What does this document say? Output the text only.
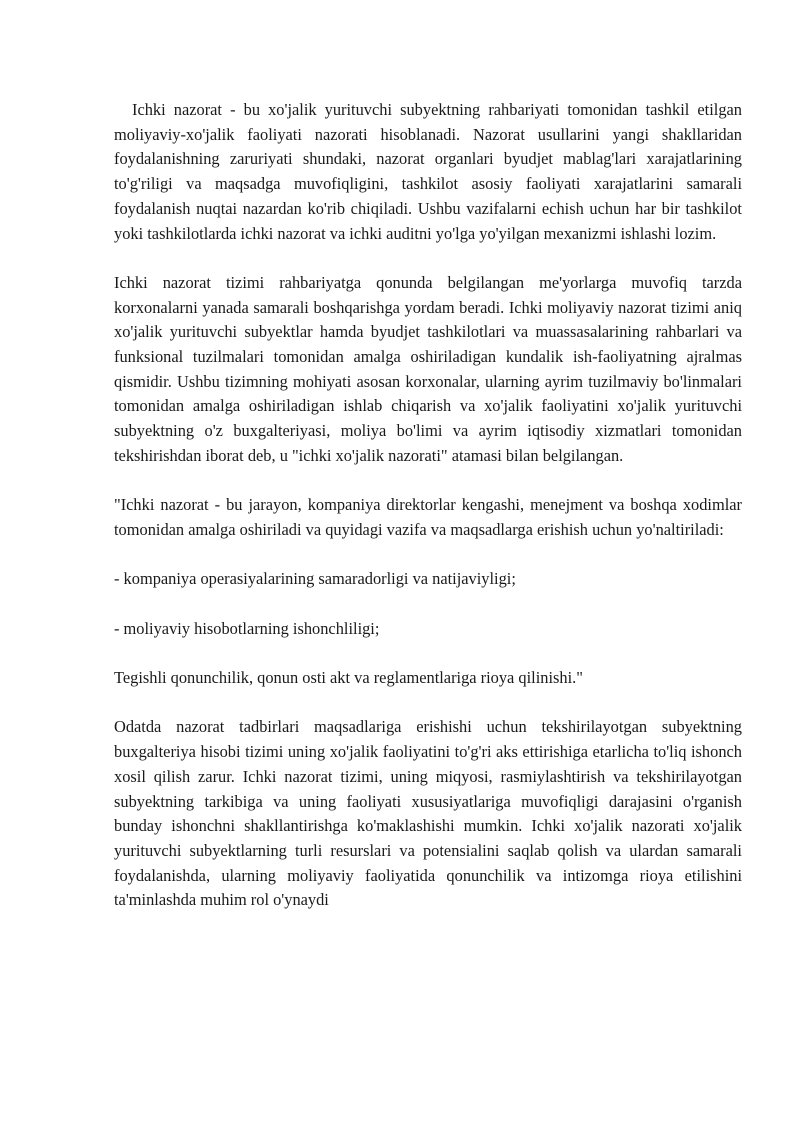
Ichki nazorat - bu xo'jalik yurituvchi subyektning rahbariyati tomonidan tashkil etilgan moliyaviy-xo'jalik faoliyati nazorati hisoblanadi. Nazorat usullarini yangi shakllaridan foydalanishning zaruriyati shundaki, nazorat organlari byudjet mablag'lari xarajatlarining to'g'riligi va maqsadga muvofiqligini, tashkilot asosiy faoliyati xarajatlarini samarali foydalanish nuqtai nazardan ko'rib chiqiladi. Ushbu vazifalarni echish uchun har bir tashkilot yoki tashkilotlarda ichki nazorat va ichki auditni yo'lga yo'yilgan mexanizmi ishlashi lozim.

Ichki nazorat tizimi rahbariyatga qonunda belgilangan me'yorlarga muvofiq tarzda korxonalarni yanada samarali boshqarishga yordam beradi. Ichki moliyaviy nazorat tizimi aniq xo'jalik yurituvchi subyektlar hamda byudjet tashkilotlari va muassasalarining rahbarlari va funksional tuzilmalari tomonidan amalga oshiriladigan kundalik ish-faoliyatning ajralmas qismidir. Ushbu tizimning mohiyati asosan korxonalar, ularning ayrim tuzilmaviy bo'linmalari tomonidan amalga oshiriladigan ishlab chiqarish va xo'jalik faoliyatini xo'jalik yurituvchi subyektning o'z buxgalteriyasi, moliya bo'limi va ayrim iqtisodiy xizmatlari tomonidan tekshirishdan iborat deb, u "ichki xo'jalik nazorati" atamasi bilan belgilangan.

"Ichki nazorat - bu jarayon, kompaniya direktorlar kengashi, menejment va boshqa xodimlar tomonidan amalga oshiriladi va quyidagi vazifa va maqsadlarga erishish uchun yo'naltiriladi:

- kompaniya operasiyalarining samaradorligi va natijaviyligi;

- moliyaviy hisobotlarning ishonchliligi;

Tegishli qonunchilik, qonun osti akt va reglamentlariga rioya qilinishi."

Odatda nazorat tadbirlari maqsadlariga erishishi uchun tekshirilayotgan subyektning buxgalteriya hisobi tizimi uning xo'jalik faoliyatini to'g'ri aks ettirishiga etarlicha to'liq ishonch xosil qilish zarur. Ichki nazorat tizimi, uning miqyosi, rasmiylashtirish va tekshirilayotgan subyektning tarkibiga va uning faoliyati xususiyatlariga muvofiqligi darajasini o'rganish bunday ishonchni shakllantirishga ko'maklashishi mumkin. Ichki xo'jalik nazorati xo'jalik yurituvchi subyektlarning turli resurslari va potensialini saqlab qolish va ulardan samarali foydalanishda, ularning moliyaviy faoliyatida qonunchilik va intizomga rioya etilishini ta'minlashda muhim rol o'ynaydi
